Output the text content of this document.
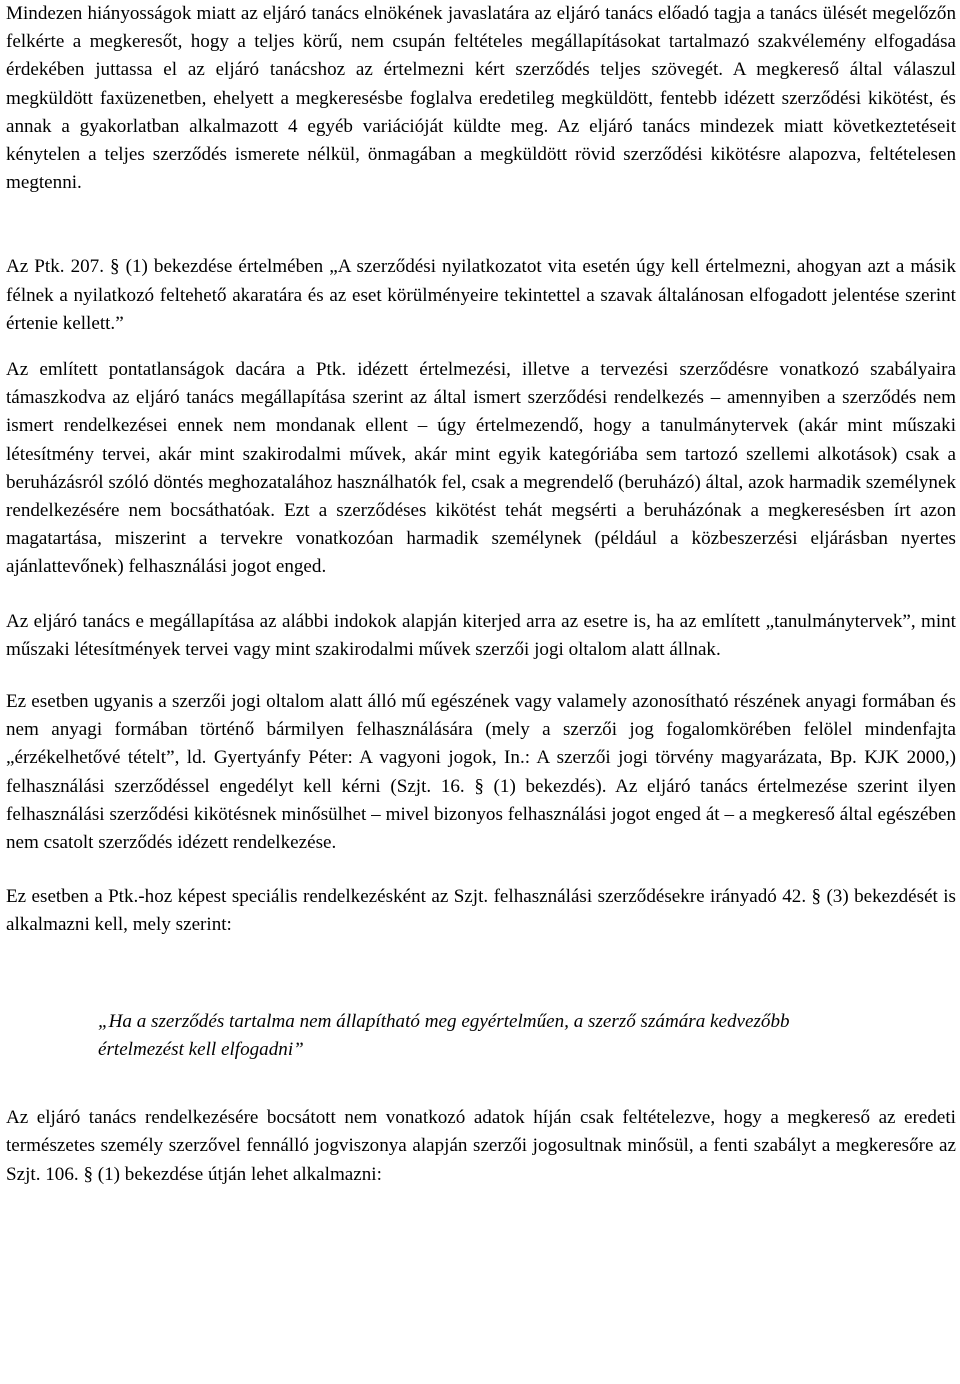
Mindezen hiányosságok miatt az eljáró tanács elnökének javaslatára az eljáró tanács előadó tagja a tanács ülését megelőzőn felkérte a megkeresőt, hogy a teljes körű, nem csupán feltételes megállapításokat tartalmazó szakvélemény elfogadása érdekében juttassa el az eljáró tanácshoz az értelmezni kért szerződés teljes szövegét. A megkereső által válaszul megküldött faxüzenetben, ehelyett a megkeresésbe foglalva eredetileg megküldött, fentebb idézett szerződési kikötést, és annak a gyakorlatban alkalmazott 4 egyéb variációját küldte meg. Az eljáró tanács mindezek miatt következtetéseit kénytelen a teljes szerződés ismerete nélkül, önmagában a megküldött rövid szerződési kikötésre alapozva, feltételesen megtenni.

Az Ptk. 207. § (1) bekezdése értelmében „A szerződési nyilatkozatot vita esetén úgy kell értelmezni, ahogyan azt a másik félnek a nyilatkozó feltehető akaratára és az eset körülményeire tekintettel a szavak általánosan elfogadott jelentése szerint értenie kellett.”

Az említett pontatlanságok dacára a Ptk. idézett értelmezési, illetve a tervezési szerződésre vonatkozó szabályaira támaszkodva az eljáró tanács megállapítása szerint az által ismert szerződési rendelkezés – amennyiben a szerződés nem ismert rendelkezései ennek nem mondanak ellent – úgy értelmezendő, hogy a tanulmánytervek (akár mint műszaki létesítmény tervei, akár mint szakirodalmi művek, akár mint egyik kategóriába sem tartozó szellemi alkotások) csak a beruházásról szóló döntés meghozatalához használhatók fel, csak a megrendelő (beruházó) által, azok harmadik személynek rendelkezésére nem bocsáthatóak. Ezt a szerződéses kikötést tehát megsérti a beruházónak a megkeresésben írt azon magatartása, miszerint a tervekre vonatkozóan harmadik személynek (például a közbeszerzési eljárásban nyertes ajánlattevőnek) felhasználási jogot enged.

Az eljáró tanács e megállapítása az alábbi indokok alapján kiterjed arra az esetre is, ha az említett „tanulmánytervek”, mint műszaki létesítmények tervei vagy mint szakirodalmi művek szerzői jogi oltalom alatt állnak.

Ez esetben ugyanis a szerzői jogi oltalom alatt álló mű egészének vagy valamely azonosítható részének anyagi formában és nem anyagi formában történő bármilyen felhasználására (mely a szerzői jog fogalomkörében felölel mindenfajta „érzékelhetővé tételt”, ld. Gyertyánfy Péter: A vagyoni jogok, In.: A szerzői jogi törvény magyarázata, Bp. KJK 2000,) felhasználási szerződéssel engedélyt kell kérni (Szjt. 16. § (1) bekezdés). Az eljáró tanács értelmezése szerint ilyen felhasználási szerződési kikötésnek minősülhet – mivel bizonyos felhasználási jogot enged át – a megkereső által egészében nem csatolt szerződés idézett rendelkezése.

Ez esetben a Ptk.-hoz képest speciális rendelkezésként az Szjt. felhasználási szerződésekre irányadó 42. § (3) bekezdését is alkalmazni kell, mely szerint:

„Ha a szerződés tartalma nem állapítható meg egyértelműen, a szerző számára kedvezőbb értelmezést kell elfogadni”

Az eljáró tanács rendelkezésére bocsátott nem vonatkozó adatok híján csak feltételezve, hogy a megkereső az eredeti természetes személy szerzővel fennálló jogviszonya alapján szerzői jogosultnak minősül, a fenti szabályt a megkeresőre az Szjt. 106. § (1) bekezdése útján lehet alkalmazni:
